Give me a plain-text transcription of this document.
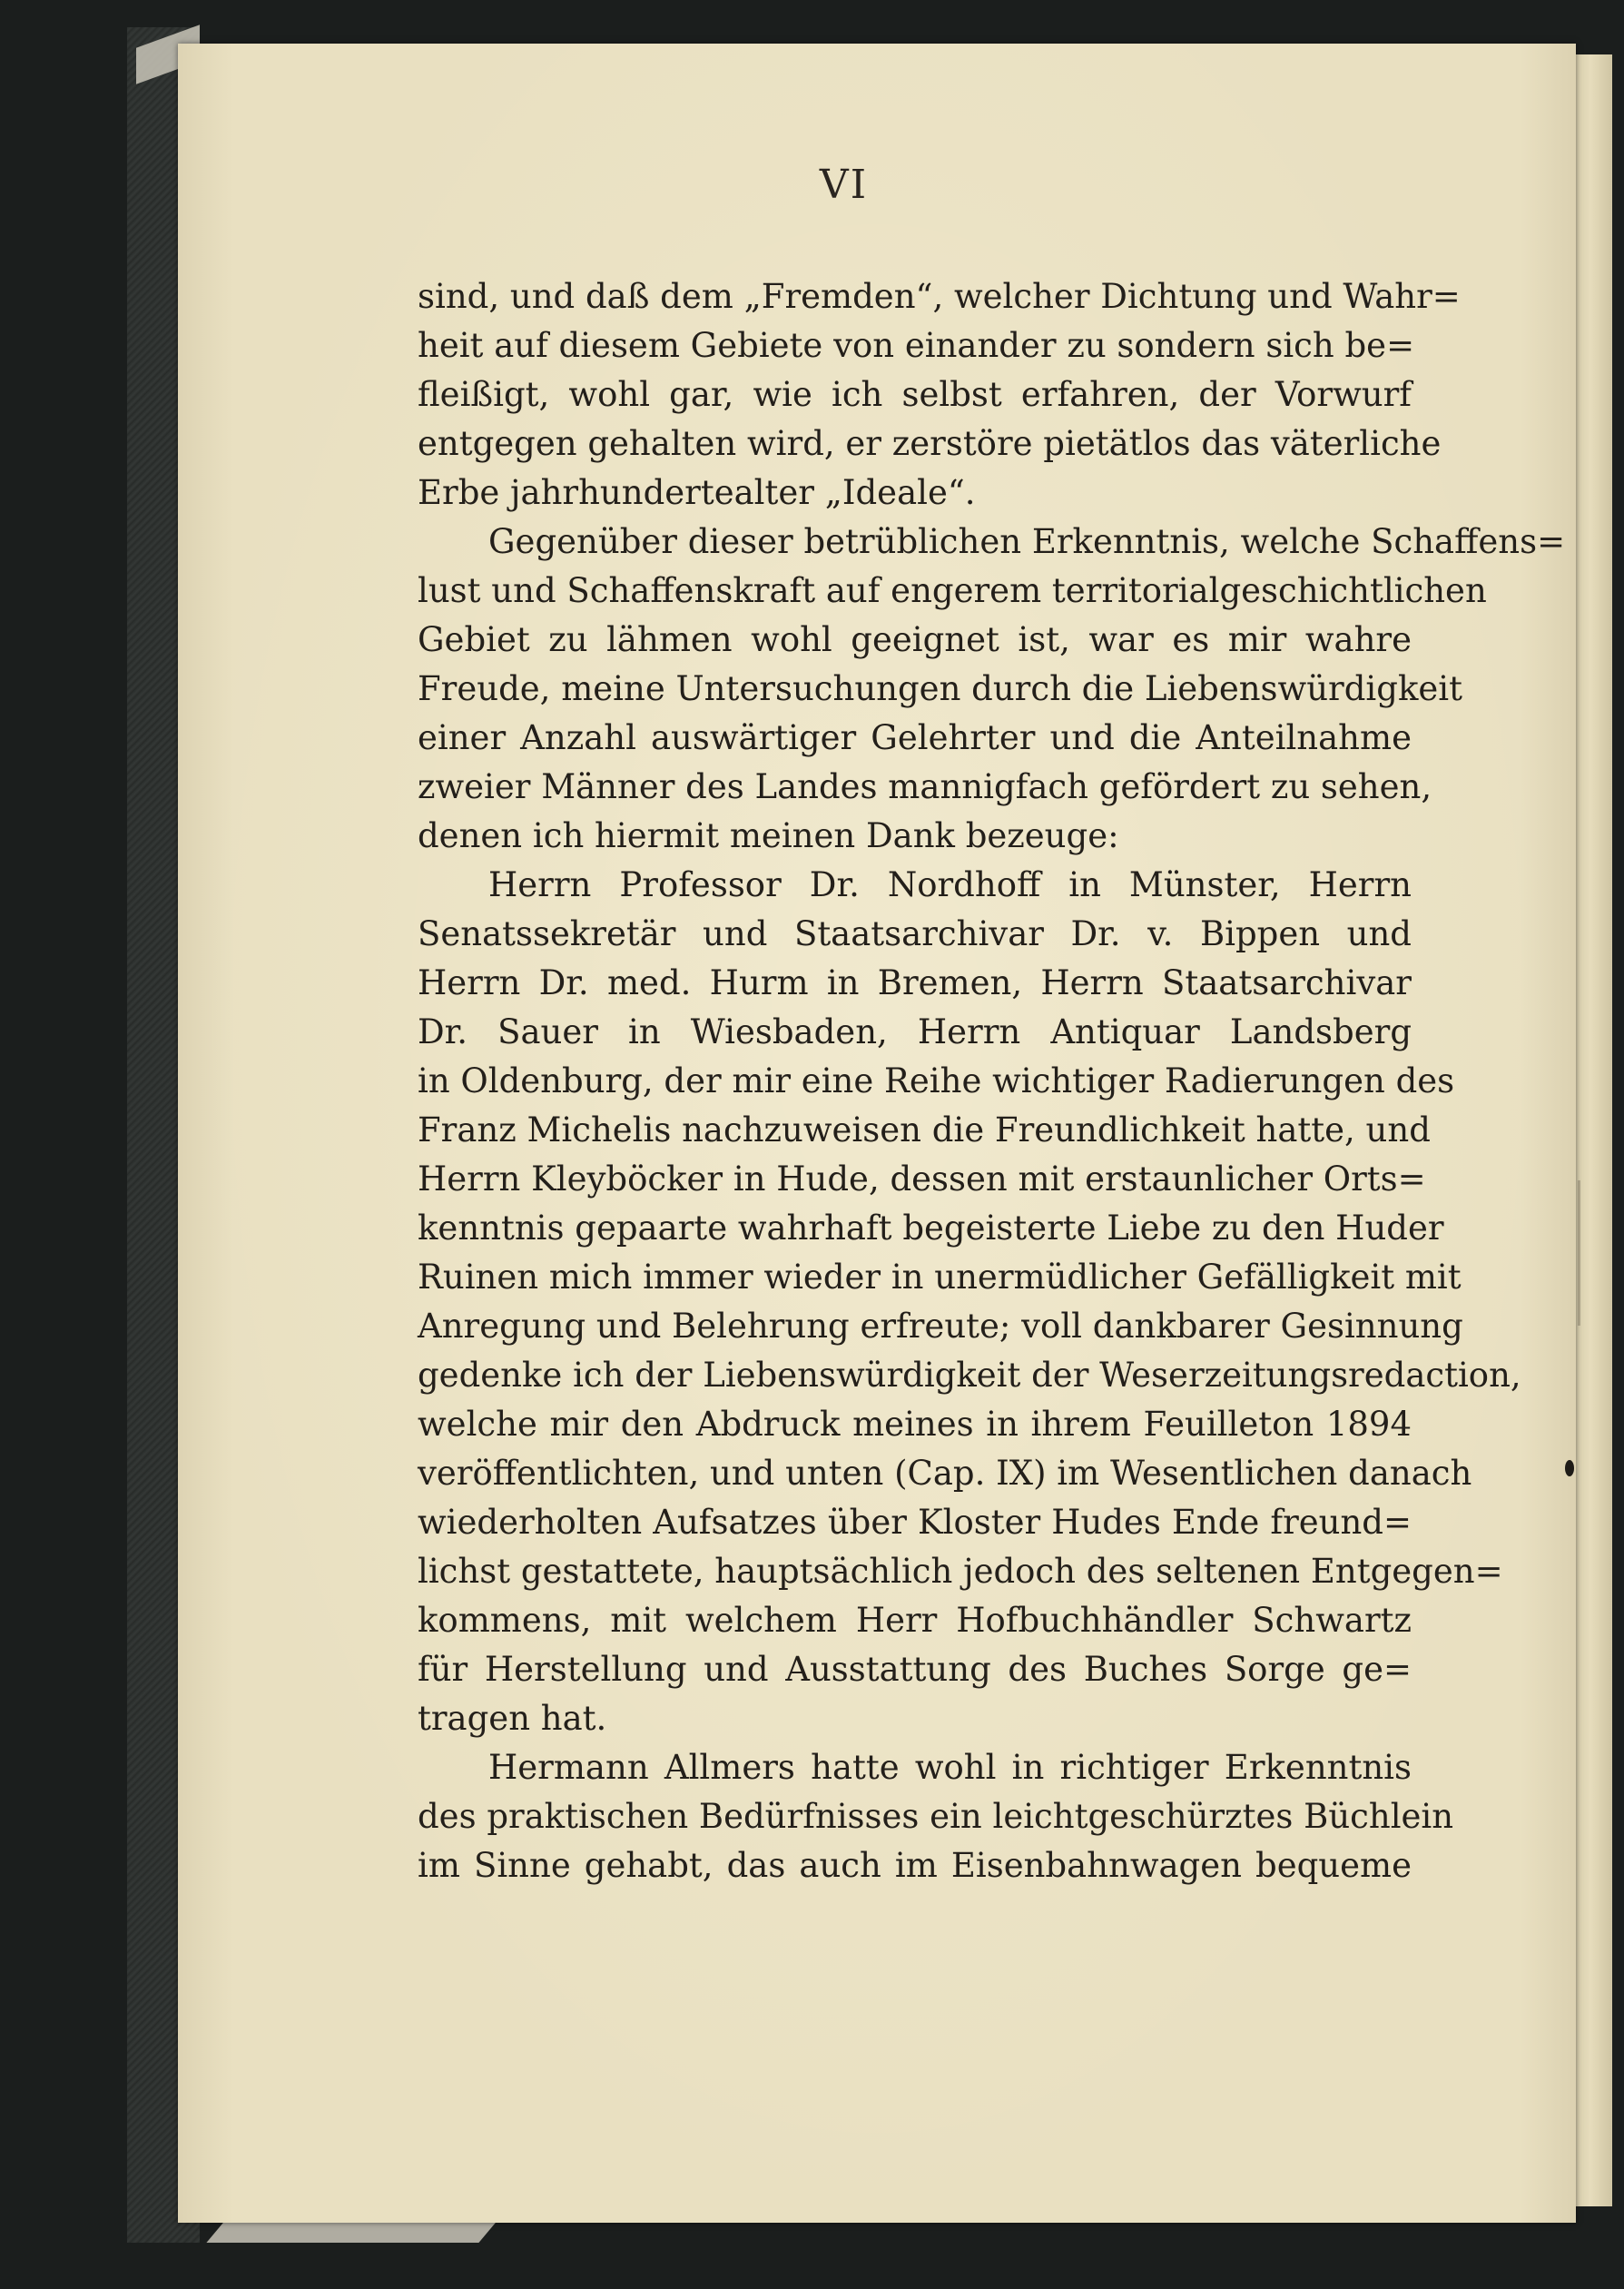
VI
sind, und daß dem „Fremden“, welcher Dichtung und Wahr=
heit auf diesem Gebiete von einander zu sondern sich be=
fleißigt, wohl gar, wie ich selbst erfahren, der Vorwurf
entgegen gehalten wird, er zerstöre pietätlos das väterliche
Erbe jahrhundertealter „Ideale“.
Gegenüber dieser betrüblichen Erkenntnis, welche Schaffens=
lust und Schaffenskraft auf engerem territorialgeschichtlichen
Gebiet zu lähmen wohl geeignet ist, war es mir wahre
Freude, meine Untersuchungen durch die Liebenswürdigkeit
einer Anzahl auswärtiger Gelehrter und die Anteilnahme
zweier Männer des Landes mannigfach gefördert zu sehen,
denen ich hiermit meinen Dank bezeuge:
Herrn Professor Dr. Nordhoff in Münster, Herrn
Senatssekretär und Staatsarchivar Dr. v. Bippen und
Herrn Dr. med. Hurm in Bremen, Herrn Staatsarchivar
Dr. Sauer in Wiesbaden, Herrn Antiquar Landsberg
in Oldenburg, der mir eine Reihe wichtiger Radierungen des
Franz Michelis nachzuweisen die Freundlichkeit hatte, und
Herrn Kleyböcker in Hude, dessen mit erstaunlicher Orts=
kenntnis gepaarte wahrhaft begeisterte Liebe zu den Huder
Ruinen mich immer wieder in unermüdlicher Gefälligkeit mit
Anregung und Belehrung erfreute; voll dankbarer Gesinnung
gedenke ich der Liebenswürdigkeit der Weserzeitungsredaction,
welche mir den Abdruck meines in ihrem Feuilleton 1894
veröffentlichten, und unten (Cap. IX) im Wesentlichen danach
wiederholten Aufsatzes über Kloster Hudes Ende freund=
lichst gestattete, hauptsächlich jedoch des seltenen Entgegen=
kommens, mit welchem Herr Hofbuchhändler Schwartz
für Herstellung und Ausstattung des Buches Sorge ge=
tragen hat.
Hermann Allmers hatte wohl in richtiger Erkenntnis
des praktischen Bedürfnisses ein leichtgeschürztes Büchlein
im Sinne gehabt, das auch im Eisenbahnwagen bequeme
